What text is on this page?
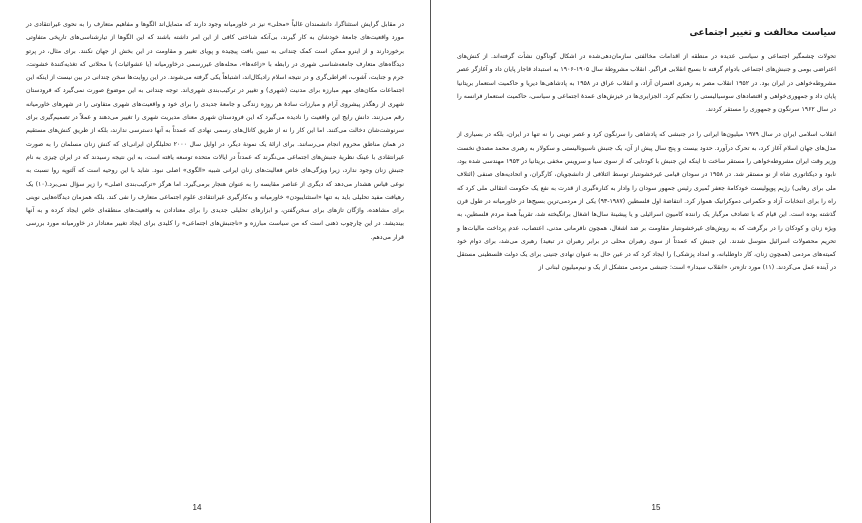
در مقابل گرایش استثناگرا، دانشمندان غالباً «محلی» نیز در خاورمیانه وجود دارند که متمایل‌اند الگوها و مفاهیم متعارف را به نحوی غیرانتقادی در مورد واقعیت‌های جامعهٔ خودشان به کار گیرند، بی‌آنکه شناختی کافی از این امر داشته باشند که این الگوها از تیارشناسی‌های تاریخی متفاوتی برخوردارند و از اینرو ممکن است کمک چندانی به تبیین بافت پیچیده و پویای تغییر و مقاومت در این بخش از جهان نکنند. برای مثال، در پرتو دیدگاه‌های متعارف جامعه‌شناسی شهری در رابطه با «زاغه‌ها»، محله‌های غیررسمی درخاورمیانه (یا عشوائیات) با محلاتی که تغذیه‌کنندهٔ خشونت، جرم و جنایت، آشوب، افراطی‌گری و در نتیجه اسلام رادیکال‌اند، اشتباهاً یکی گرفته می‌شوند. در این روایت‌ها سخن چندانی در بین نیست از اینکه این اجتماعات مکان‌های مهم مبارزه برای مدنیت (شهری) و تغییر در ترکیب‌بندی شهری‌اند. توجه چندانی به این موضوع صورت نمی‌گیرد که فرودستان شهری از رهگذر پیشروی آرام و مبارزات سادهٔ هر روزه زندگی و جامعهٔ جدیدی را برای خود و واقعیت‌های شهری متفاوتی را در شهرهای خاورمیانه رقم می‌زنند. دانش رایج این واقعیت را نادیده می‌گیرد که این فرودستان شهری معنای مدیریت شهری را تغییر می‌دهند و عملاً در تصمیم‌گیری برای سرنوشت‌شان دخالت می‌کنند. اما این کار را نه از طریق کانال‌های رسمی نهادی که عمدتاً به آنها دسترسی ندارند، بلکه از طریق کنش‌های مستقیم در همان مناطق محروم انجام می‌رسانند. برای ارائهٔ یک نمونهٔ دیگر، در اوایل سال ۲۰۰۰ تحلیلگران ایرانی‌ای که کنش زنان مسلمان را به صورت غیرانتقادی با عینک نظریهٔ جنبش‌های اجتماعی می‌نگرند که عمدتاً در ایالات متحده توسعه یافته است، به این نتیجه رسیدند که در ایران چیزی به نام جنبش زنان وجود ندارد، زیرا ویژگی‌های خاص فعالیت‌های زنان ایرانی شبیه «الگوی» اصلی نبود. شاید با این روحیه است که آلتوپه روا نسبت به نوعی قیاس هشدار می‌دهد که دیگری از عناصر مقایسه را به عنوان هنجار برمی‌گیرد. اما هرگز «ترکیب‌بندی اصلی» را زیر سؤال نمی‌برد.(۱۰) یک رهیافت مفید تحلیلی باید به تنها «استثنایبودن» خاورمیانه و به‌کارگیری غیرانتقادی علوم اجتماعی متعارف را نفی کند. بلکه همزمان دیدگاه‌هایی نوینی برای مشاهده، واژگان تازهای برای سخن‌گفتن، و ابزارهای تحلیلی جدیدی را برای معنادادن به واقعیت‌های منطقه‌ای خاص ایجاد کرده و به آنها بیندیشد. در این چارچوب ذهنی است که من سیاست مبارزه و «ناجنبش‌های اجتماعی» را کلیدی برای ایجاد تغییر معنادار در خاورمیانه مورد بررسی قرار می‌دهم.

14
سیاست مخالفت و تغییر اجتماعی

تحولات چشمگیر اجتماعی و سیاسی عدیده در منطقه از اقدامات مخالفتی سازمان‌دهی‌شده در اشکال گوناگون نشأت گرفته‌اند. از کنش‌های اعتراضی بومی و جنبش‌های اجتماعی بادوام گرفته تا بسیج انقلابی فراگیر. انقلاب مشروطهٔ سال ۱۹۰۵-۱۹۰۶ به استبداد قاجار پایان داد و آغازگر عصر مشروطه‌خواهی در ایران بود. در ۱۹۵۲ انقلاب مصر به رهبری افسران آزاد، و انقلاب عراق در ۱۹۵۸ به پادشاهی‌ها دیریا و حاکمیت استعمار بریتانیا پایان داد و جمهوری‌خواهی و اقتصادهای سوسیالیستی را تحکیم کرد. الجزایری‌ها در خیزش‌های عمدهٔ اجتماعی و سیاسی، حاکمیت استعمار فرانسه را در سال ۱۹۶۲ سرنگون و جمهوری را مستقر کردند.

انقلاب اسلامی ایران در سال ۱۹۷۹ میلیون‌ها ایرانی را در جنبشی که پادشاهی را سرنگون کرد و عصر نوینی را نه تنها در ایران، بلکه در بسیاری از مدل‌های جهان اسلام آغاز کرد، به تحرک درآورد. حدود بیست و پنج سال پیش از آن، یک جنبش ناسیونالیستی و سکولار به رهبری محمد مصدق نخست وزیر وقت ایران مشروطه‌خواهی را مستقر ساخت تا اینکه این جنبش با کودتایی که از سوی سیا و سرویس مخفی بریتانیا در ۱۹۵۳ مهندسی شده بود، نابود و دیکتاتوری شاه از نو مستقر شد. در ۱۹۵۸ در سودان قیامی غیرخشونتبار توسط ائتلافی از دانشجویان، کارگران، و اتحادیه‌های صنفی (ائتلاف ملی برای رهایی) رژیم پوپولیست خودکامهٔ جعفر نُمیری رئیس جمهور سودان را وادار به کناره‌گیری از قدرت به نفع یک حکومت انتقالی ملی کرد که راه را برای انتخابات آزاد و حکمرانی دموکراتیک هموار کرد. انتفاضهٔ اول فلسطین (۱۹۸۷-۹۳) یکی از مردمی‌ترین بسیج‌ها در خاورمیانه در طول قرن گذشته بوده است. این قیام که با تصادف مرگبار یک راننده کامیون اسرائیلی و یا پیشینهٔ سال‌ها اشغال برانگیخته شد، تقریباً همهٔ مردم فلسطین، به ویژه زنان و کودکان را در برگرفت که به روش‌های غیرخشونتبار مقاومت بر ضد اشغال، همچون نافرمانی مدنی، اعتصاب، عدم پرداخت مالیات‌ها و تحریم محصولات اسرائیل متوسل شدند. این جنبش که عمدتاً از سوی رهبران محلی در برابر رهبران در تبعید) رهبری می‌شد، برای دوام خود کمیته‌های مردمی (همچون زنان، کار داوطلبانه، و امداد پزشکی) را ایجاد کرد که در عین حال به عنوان نهادی جنینی برای یک دولت فلسطینی مستقل در آینده عمل می‌کردند. (۱۱) مورد تازه‌تر، «انقلاب سیدار» است: جنبشی مردمی متشکل از یک و نیم‌میلیون لبنانی از

15
